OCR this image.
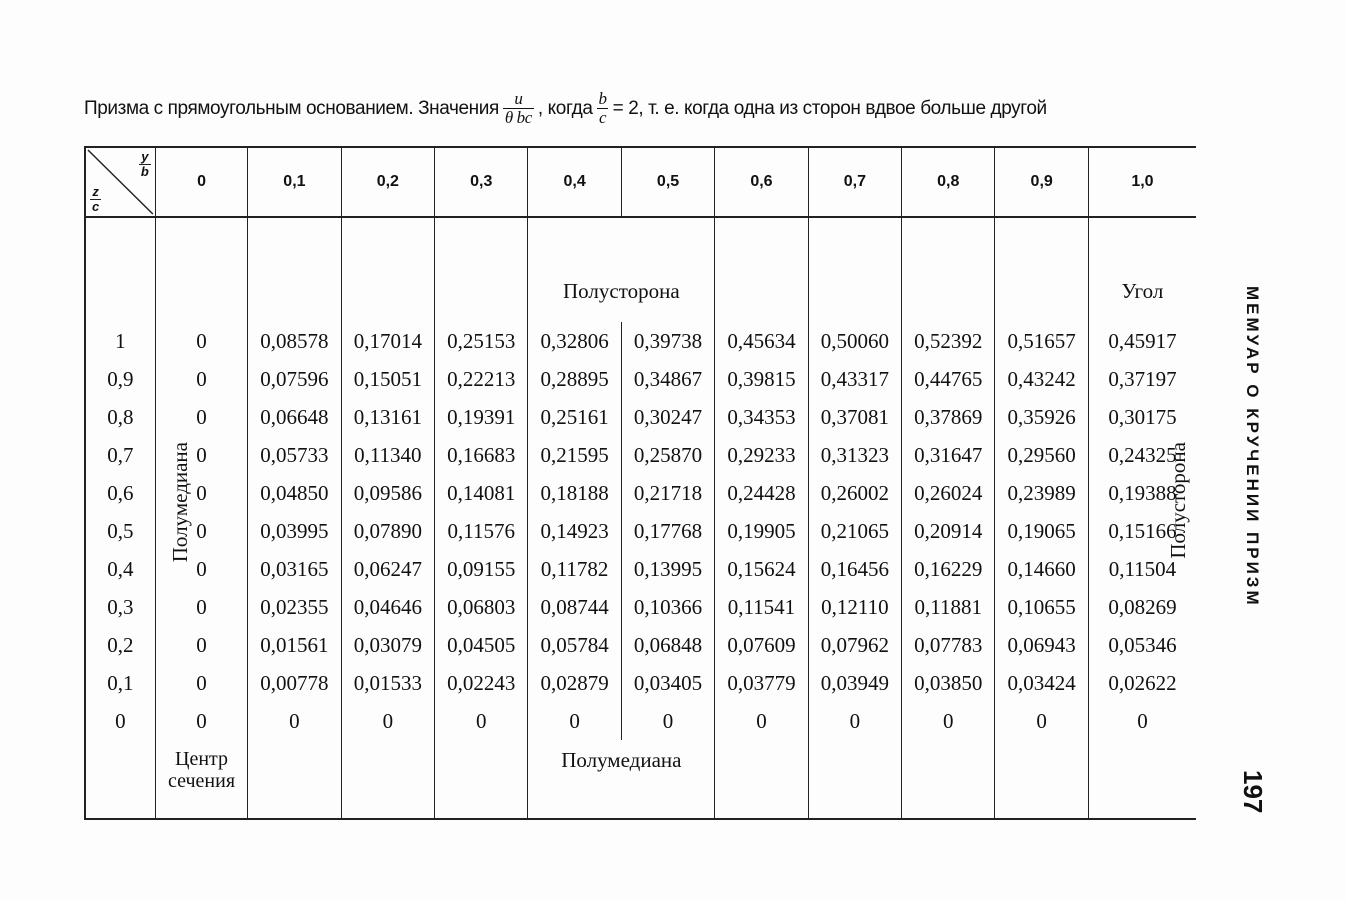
Призма с прямоугольным основанием. Значения $\frac{u}{\text{θ bc}}$ , когда $\frac{b}{c} = 2$, т. е. когда одна из сторон вдвое больше другой
y
b
z
c	0	0,1	0,2	0,3	0,4	0,5	0,6	0,7	0,8	0,9	1,0
					Полусторона						Угол
1	0	0,08578	0,17014	0,25153	0,32806	0,39738	0,45634	0,50060	0,52392	0,51657	0,45917
0,9	0	0,07596	0,15051	0,22213	0,28895	0,34867	0,39815	0,43317	0,44765	0,43242	0,37197
0,8	0	0,06648	0,13161	0,19391	0,25161	0,30247	0,34353	0,37081	0,37869	0,35926	0,30175
0,7	0	0,05733	0,11340	0,16683	0,21595	0,25870	0,29233	0,31323	0,31647	0,29560	0,24325
0,6	0	0,04850	0,09586	0,14081	0,18188	0,21718	0,24428	0,26002	0,26024	0,23989	0,19388
0,5	0	0,03995	0,07890	0,11576	0,14923	0,17768	0,19905	0,21065	0,20914	0,19065	0,15166
0,4	0	0,03165	0,06247	0,09155	0,11782	0,13995	0,15624	0,16456	0,16229	0,14660	0,11504
0,3	0	0,02355	0,04646	0,06803	0,08744	0,10366	0,11541	0,12110	0,11881	0,10655	0,08269
0,2	0	0,01561	0,03079	0,04505	0,05784	0,06848	0,07609	0,07962	0,07783	0,06943	0,05346
0,1	0	0,00778	0,01533	0,02243	0,02879	0,03405	0,03779	0,03949	0,03850	0,03424	0,02622
0	0	0	0	0	0	0	0	0	0	0	0
	Центр сечения				Полумедиана						
Полумедиана	Полусторона	МЕМУАР О КРУЧЕНИИ ПРИЗМ
197
